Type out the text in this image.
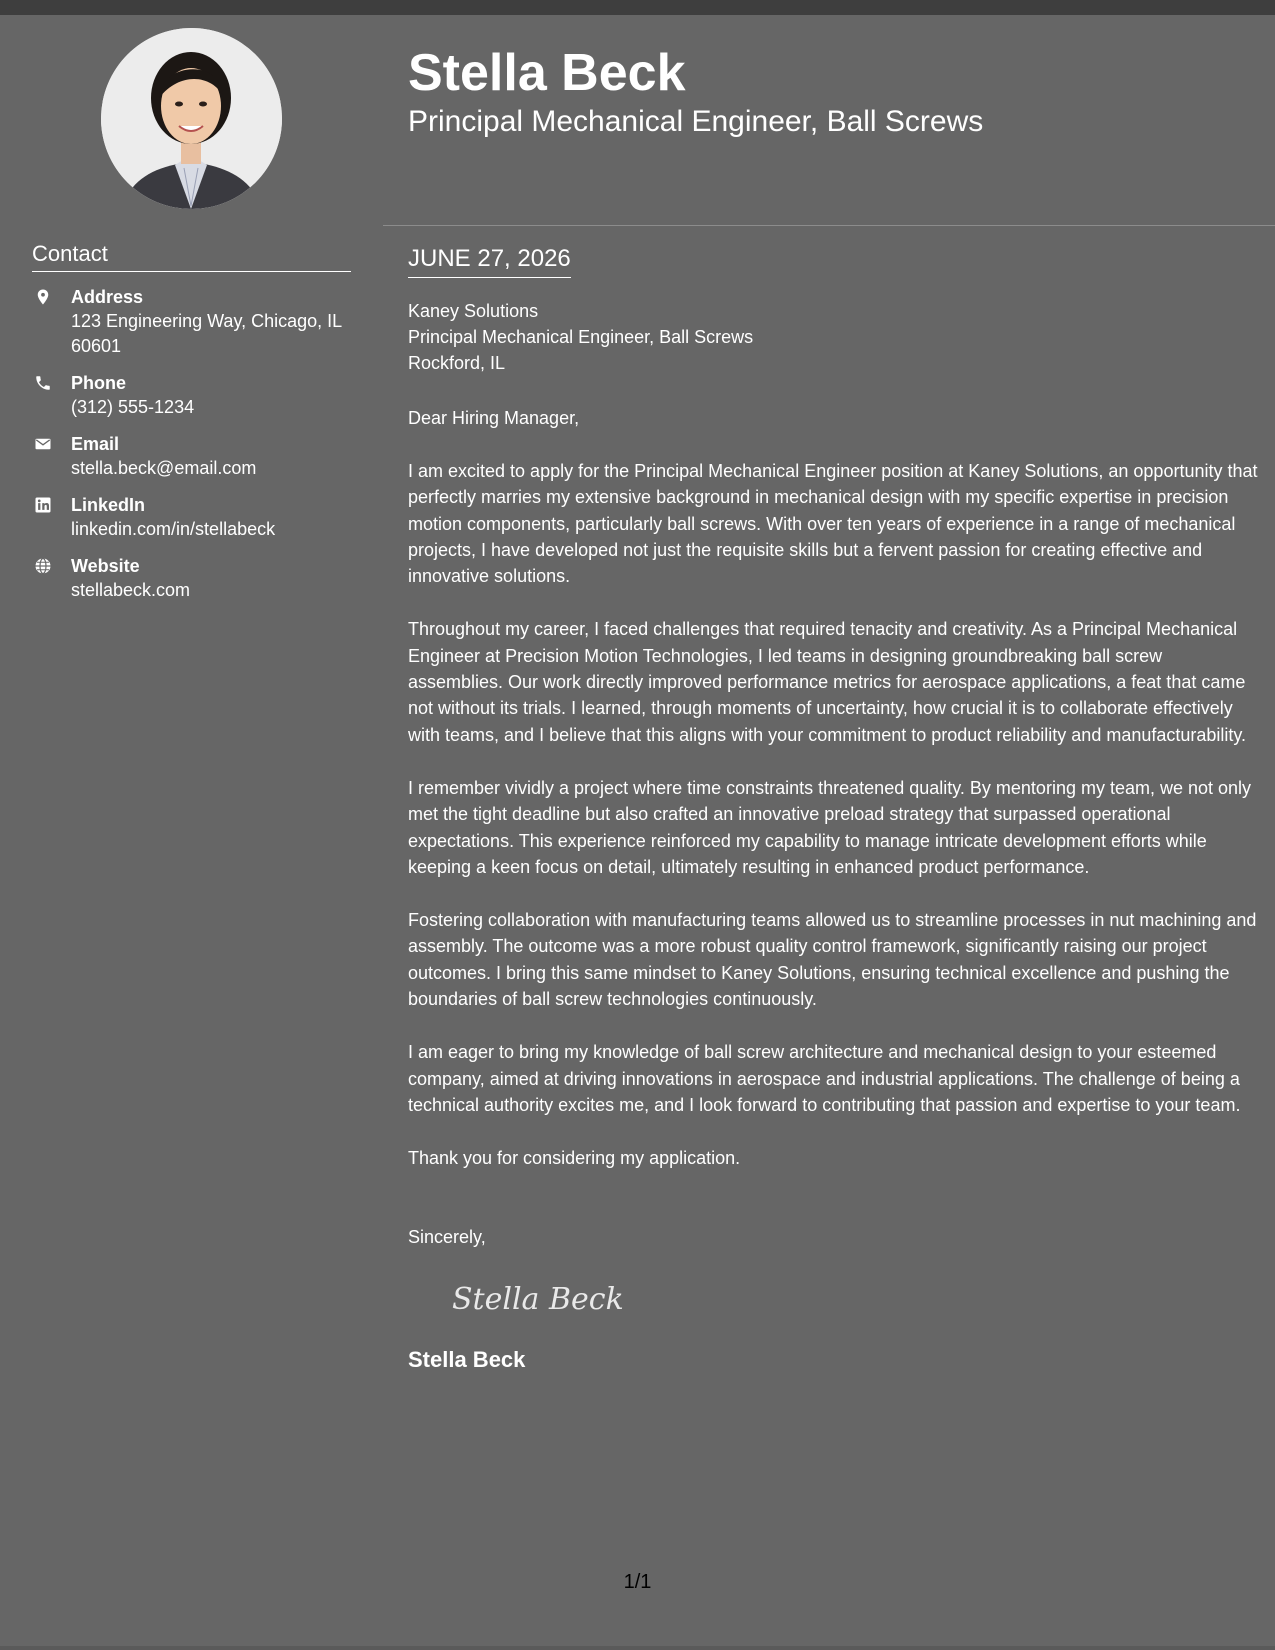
Contact
Address
123 Engineering Way, Chicago, IL 60601
Phone
(312) 555-1234
Email
stella.beck@email.com
LinkedIn
linkedin.com/in/stellabeck
Website
stellabeck.com
Stella Beck
Principal Mechanical Engineer, Ball Screws
JUNE 27, 2026
Kaney Solutions
Principal Mechanical Engineer, Ball Screws
Rockford, IL
Dear Hiring Manager,

I am excited to apply for the Principal Mechanical Engineer position at Kaney Solutions, an opportunity that perfectly marries my extensive background in mechanical design with my specific expertise in precision motion components, particularly ball screws. With over ten years of experience in a range of mechanical projects, I have developed not just the requisite skills but a fervent passion for creating effective and innovative solutions.

Throughout my career, I faced challenges that required tenacity and creativity. As a Principal Mechanical Engineer at Precision Motion Technologies, I led teams in designing groundbreaking ball screw assemblies. Our work directly improved performance metrics for aerospace applications, a feat that came not without its trials. I learned, through moments of uncertainty, how crucial it is to collaborate effectively with teams, and I believe that this aligns with your commitment to product reliability and manufacturability.

I remember vividly a project where time constraints threatened quality. By mentoring my team, we not only met the tight deadline but also crafted an innovative preload strategy that surpassed operational expectations. This experience reinforced my capability to manage intricate development efforts while keeping a keen focus on detail, ultimately resulting in enhanced product performance.

Fostering collaboration with manufacturing teams allowed us to streamline processes in nut machining and assembly. The outcome was a more robust quality control framework, significantly raising our project outcomes. I bring this same mindset to Kaney Solutions, ensuring technical excellence and pushing the boundaries of ball screw technologies continuously.

I am eager to bring my knowledge of ball screw architecture and mechanical design to your esteemed company, aimed at driving innovations in aerospace and industrial applications. The challenge of being a technical authority excites me, and I look forward to contributing that passion and expertise to your team.

Thank you for considering my application.
Sincerely,
Stella Beck
Stella Beck
1/1
